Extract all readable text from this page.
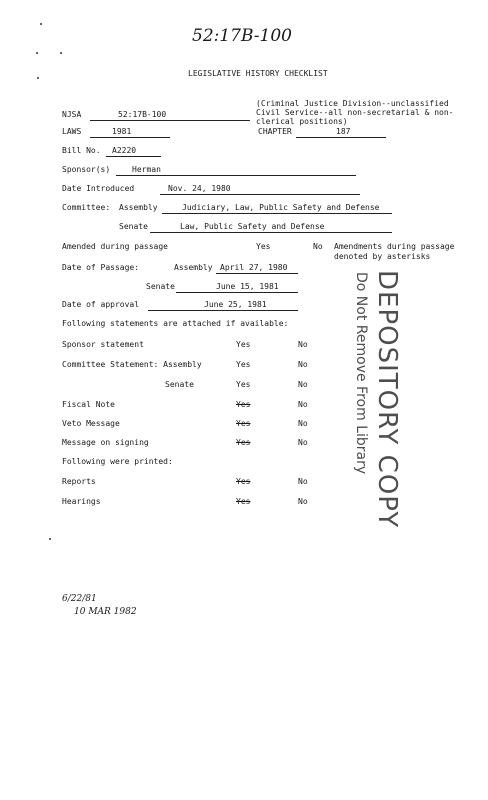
52:17B-100
LEGISLATIVE HISTORY CHECKLIST
NJSA	52:17B-100
(Criminal Justice Division--unclassified Civil Service--all non-secretarial & non-clerical positions)
LAWS	1981	CHAPTER	187
Bill No.	A2220
Sponsor(s)	Herman
Date Introduced	Nov. 24, 1980
Committee: Assembly	Judiciary, Law, Public Safety and Defense
Senate	Law, Public Safety and Defense
Amended during passage	Yes	No Amendments during passage denoted by asterisks
Date of Passage:	Assembly April 27, 1980
Senate	June 15, 1981
Date of approval	June 25, 1981
Following statements are attached if available:
Sponsor statement	Yes	No
Committee Statement: Assembly	Yes	No
Senate	Yes	No
Fiscal Note	Yes	No
Veto Message	Yes	No
Message on signing	Yes	No
Following were printed:
Reports	Yes	No
Hearings	Yes	No DEPOSITORY COPY
Do Not Remove From Library
6/22/81
10 MAR 1982
